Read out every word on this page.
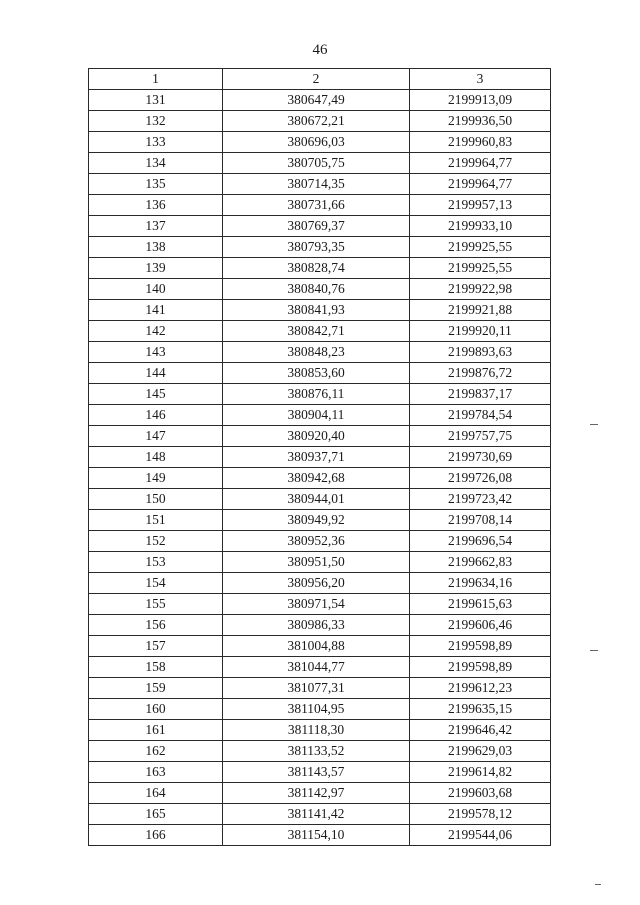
46
1	2	3
131	380647,49	2199913,09
132	380672,21	2199936,50
133	380696,03	2199960,83
134	380705,75	2199964,77
135	380714,35	2199964,77
136	380731,66	2199957,13
137	380769,37	2199933,10
138	380793,35	2199925,55
139	380828,74	2199925,55
140	380840,76	2199922,98
141	380841,93	2199921,88
142	380842,71	2199920,11
143	380848,23	2199893,63
144	380853,60	2199876,72
145	380876,11	2199837,17
146	380904,11	2199784,54
147	380920,40	2199757,75
148	380937,71	2199730,69
149	380942,68	2199726,08
150	380944,01	2199723,42
151	380949,92	2199708,14
152	380952,36	2199696,54
153	380951,50	2199662,83
154	380956,20	2199634,16
155	380971,54	2199615,63
156	380986,33	2199606,46
157	381004,88	2199598,89
158	381044,77	2199598,89
159	381077,31	2199612,23
160	381104,95	2199635,15
161	381118,30	2199646,42
162	381133,52	2199629,03
163	381143,57	2199614,82
164	381142,97	2199603,68
165	381141,42	2199578,12
166	381154,10	2199544,06
